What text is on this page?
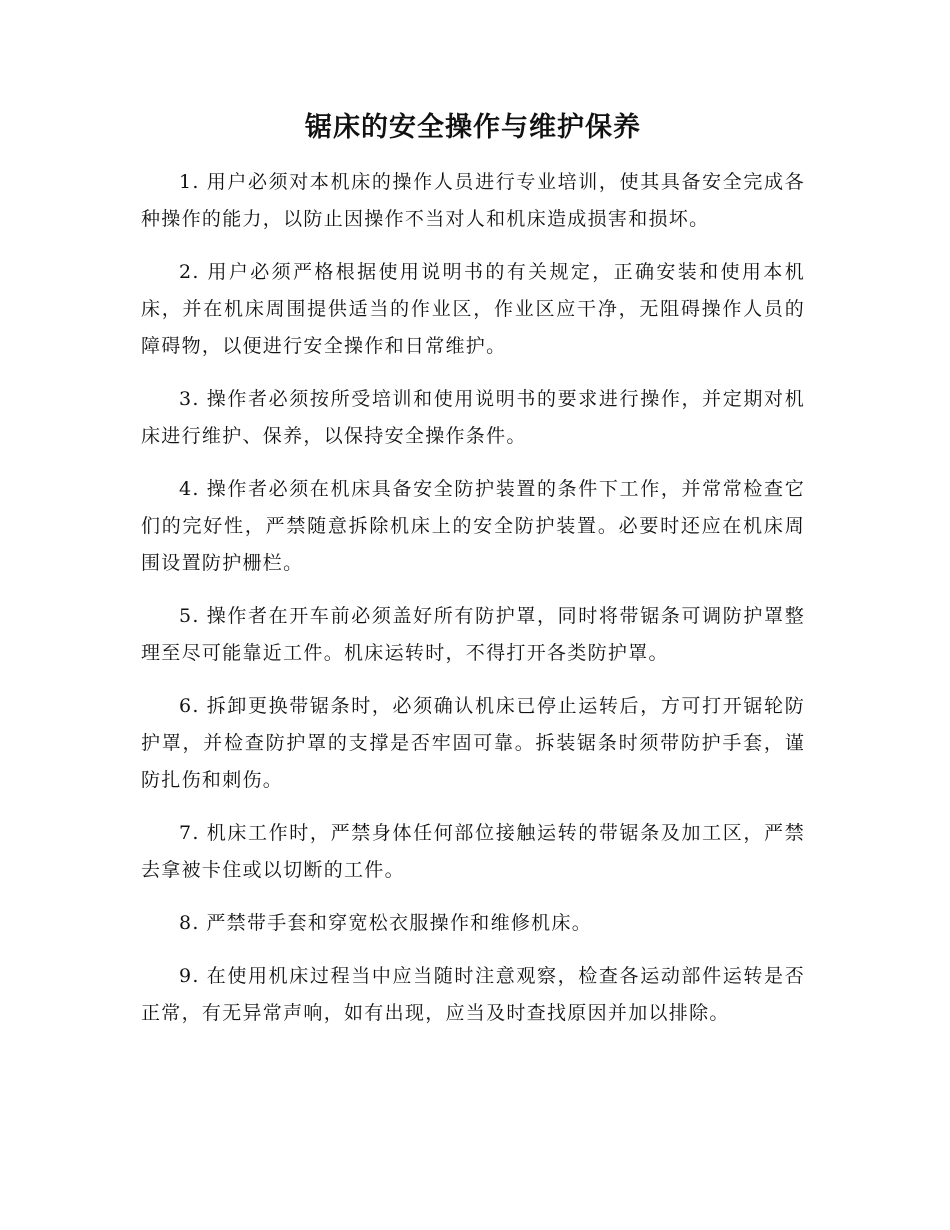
锯床的安全操作与维护保养

1. 用户必须对本机床的操作人员进行专业培训，使其具备安全完成各种操作的能力，以防止因操作不当对人和机床造成损害和损坏。

2. 用户必须严格根据使用说明书的有关规定，正确安装和使用本机床，并在机床周围提供适当的作业区，作业区应干净，无阻碍操作人员的障碍物，以便进行安全操作和日常维护。

3. 操作者必须按所受培训和使用说明书的要求进行操作，并定期对机床进行维护、保养，以保持安全操作条件。

4. 操作者必须在机床具备安全防护装置的条件下工作，并常常检查它们的完好性，严禁随意拆除机床上的安全防护装置。必要时还应在机床周围设置防护栅栏。

5. 操作者在开车前必须盖好所有防护罩，同时将带锯条可调防护罩整理至尽可能靠近工件。机床运转时，不得打开各类防护罩。

6. 拆卸更换带锯条时，必须确认机床已停止运转后，方可打开锯轮防护罩，并检查防护罩的支撑是否牢固可靠。拆装锯条时须带防护手套，谨防扎伤和刺伤。

7. 机床工作时，严禁身体任何部位接触运转的带锯条及加工区，严禁去拿被卡住或以切断的工件。

8. 严禁带手套和穿宽松衣服操作和维修机床。

9. 在使用机床过程当中应当随时注意观察，检查各运动部件运转是否正常，有无异常声响，如有出现，应当及时查找原因并加以排除。
